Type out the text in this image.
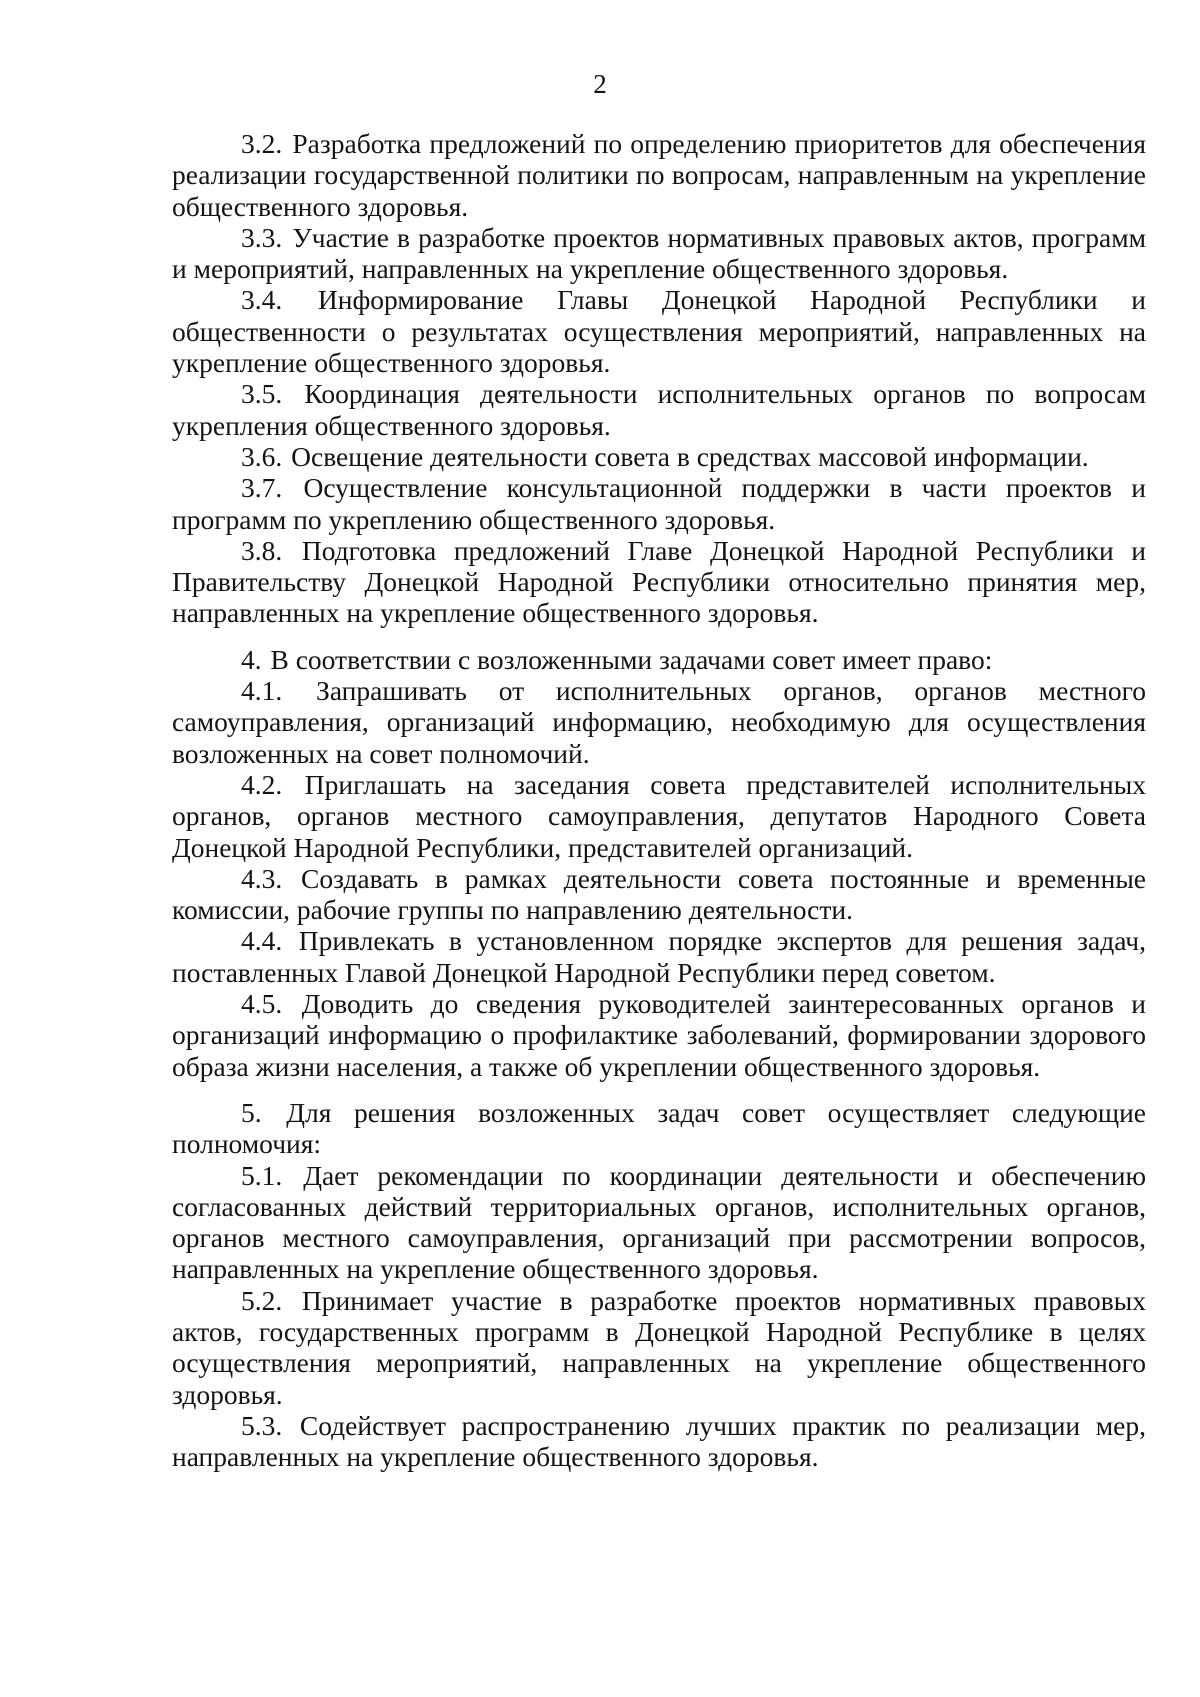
2

3.2. Разработка предложений по определению приоритетов для обеспечения реализации государственной политики по вопросам, направленным на укрепление общественного здоровья.

3.3. Участие в разработке проектов нормативных правовых актов, программ и мероприятий, направленных на укрепление общественного здоровья.

3.4. Информирование Главы Донецкой Народной Республики и общественности о результатах осуществления мероприятий, направленных на укрепление общественного здоровья.

3.5. Координация деятельности исполнительных органов по вопросам укрепления общественного здоровья.

3.6. Освещение деятельности совета в средствах массовой информации.

3.7. Осуществление консультационной поддержки в части проектов и программ по укреплению общественного здоровья.

3.8. Подготовка предложений Главе Донецкой Народной Республики и Правительству Донецкой Народной Республики относительно принятия мер, направленных на укрепление общественного здоровья.

4. В соответствии с возложенными задачами совет имеет право:

4.1. Запрашивать от исполнительных органов, органов местного самоуправления, организаций информацию, необходимую для осуществления возложенных на совет полномочий.

4.2. Приглашать на заседания совета представителей исполнительных органов, органов местного самоуправления, депутатов Народного Совета Донецкой Народной Республики, представителей организаций.

4.3. Создавать в рамках деятельности совета постоянные и временные комиссии, рабочие группы по направлению деятельности.

4.4. Привлекать в установленном порядке экспертов для решения задач, поставленных Главой Донецкой Народной Республики перед советом.

4.5. Доводить до сведения руководителей заинтересованных органов и организаций информацию о профилактике заболеваний, формировании здорового образа жизни населения, а также об укреплении общественного здоровья.

5. Для решения возложенных задач совет осуществляет следующие полномочия:

5.1. Дает рекомендации по координации деятельности и обеспечению согласованных действий территориальных органов, исполнительных органов, органов местного самоуправления, организаций при рассмотрении вопросов, направленных на укрепление общественного здоровья.

5.2. Принимает участие в разработке проектов нормативных правовых актов, государственных программ в Донецкой Народной Республике в целях осуществления мероприятий, направленных на укрепление общественного здоровья.

5.3. Содействует распространению лучших практик по реализации мер, направленных на укрепление общественного здоровья.
